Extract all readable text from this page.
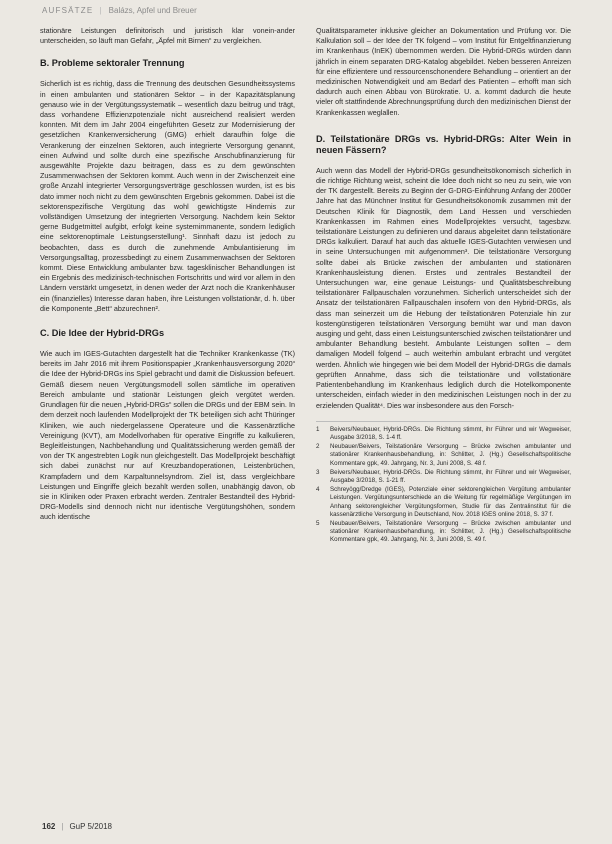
AUFSÄTZE | Balázs, Apfel und Breuer

stationäre Leistungen definitorisch und juristisch klar vonein-ander unterscheiden, so läuft man Gefahr, „Äpfel mit Birnen“ zu vergleichen.

B. Probleme sektoraler Trennung

Sicherlich ist es richtig, dass die Trennung des deutschen Gesundheitssystems in einen ambulanten und stationären Sektor – in der Kapazitätsplanung genauso wie in der Vergütungssystematik – wesentlich dazu beitrug und trägt, dass vorhandene Effizienzpotenziale nicht ausreichend realisiert werden konnten. Mit dem im Jahr 2004 eingeführten Gesetz zur Modernisierung der gesetzlichen Krankenversicherung (GMG) erhielt daraufhin folge die Verankerung der einzelnen Sektoren, auch integrierte Versorgung genannt, einen Aufwind und sollte durch eine spezifische Anschubfinanzierung für ausgewählte Projekte dazu beitragen, dass es zu dem gewünschten Zusammenwachsen der Sektoren kommt. Auch wenn in der Zwischenzeit eine große Anzahl integrierter Versorgungsverträge geschlossen wurden, ist es bis dato immer noch nicht zu dem gewünschten Ergebnis gekommen. Dabei ist die sektorenspezifische Vergütung das wohl gewichtigste Hindernis zur vollständigen Umsetzung der integrierten Versorgung. Nachdem kein Sektor gerne Budgetmittel aufgibt, erfolgt keine systemimmanente, sondern lediglich eine sektorenoptimale Leistungserstellung¹. Sinnhaft dazu ist jedoch zu beobachten, dass es durch die zunehmende Ambulantisierung im Versorgungsalltag, prozessbedingt zu einem Zusammenwachsen der Sektoren kommt. Diese Entwicklung ambulanter bzw. tagesklinischer Behandlungen ist ein Ergebnis des medizinisch-technischen Fortschritts und wird vor allem in den Ländern verstärkt umgesetzt, in denen weder der Arzt noch die Krankenhäuser ein (finanzielles) Interesse daran haben, ihre Leistungen vollstationär, d. h. über die Komponente „Bett“ abzurechnen².

C. Die Idee der Hybrid-DRGs

Wie auch im IGES-Gutachten dargestellt hat die Techniker Krankenkasse (TK) bereits im Jahr 2016 mit ihrem Positionspapier „Krankenhausversorgung 2020“ die Idee der Hybrid-DRGs ins Spiel gebracht und damit die Diskussion befeuert. Gemäß diesem neuen Vergütungsmodell sollen sämtliche im operativen Bereich ambulante und stationär Leistungen gleich vergütet werden. Grundlagen für die neuen „Hybrid-DRGs“ sollen die DRGs und der EBM sein. In dem derzeit noch laufenden Modellprojekt der TK beteiligen sich acht Thüringer Kliniken, wie auch niedergelassene Operateure und die Kassenärztliche Vereinigung (KVT), am Modellvorhaben für operative Eingriffe zu kalkulieren, Begleitleistungen, Nachbehandlung und Qualitätssicherung werden gemäß der von der TK angestrebten Logik nun gleichgestellt. Das Modellprojekt beschäftigt sich dabei zunächst nur auf Kreuzbandoperationen, Leistenbrüchen, Krampfadern und dem Karpaltunnelsyndrom. Ziel ist, dass vergleichbare Leistungen und Eingriffe gleich bezahlt werden sollen, unabhängig davon, ob sie in Kliniken oder Praxen erbracht werden. Zentraler Bestandteil des Hybrid-DRG-Modells sind dennoch nicht nur identische Vergütungshöhen, sondern auch identische

Qualitätsparameter inklusive gleicher an Dokumentation und Prüfung vor. Die Kalkulation soll – der Idee der TK folgend – vom Institut für Entgeltfinanzierung im Krankenhaus (InEK) übernommen werden. Die Hybrid-DRGs würden dann jährlich in einem separaten DRG-Katalog abgebildet. Neben besseren Anreizen für eine effizientere und ressourcenschonendere Behandlung – orientiert an der medizinischen Notwendigkeit und am Bedarf des Patienten – erhofft man sich dadurch auch einen Abbau von Bürokratie. U. a. kommt dadurch die heute vieler oft stattfindende Abrechnungsprüfung durch den medizinischen Dienst der Krankenkassen weglallen.

D. Teilstationäre DRGs vs. Hybrid-DRGs: Alter Wein in neuen Fässern?

Auch wenn das Modell der Hybrid-DRGs gesundheitsökonomisch sicherlich in die richtige Richtung weist, scheint die Idee doch nicht so neu zu sein, wie von der TK dargestellt. Bereits zu Beginn der G-DRG-Einführung Anfang der 2000er Jahre hat das Münchner Institut für Gesundheitsökonomik zusammen mit der Deutschen Klinik für Diagnostik, dem Land Hessen und verschieden Krankenkassen im Rahmen eines Modellprojektes versucht, tagesbzw. teilstationäre Leistungen zu definieren und daraus abgeleitet dann teilstationäre DRGs kalkuliert. Darauf hat auch das aktuelle IGES-Gutachten verwiesen und in seine Untersuchungen mit aufgenommen³. Die teilstationäre Versorgung sollte dabei als Brücke zwischen der ambulanten und stationären Krankenhausleistung dienen. Erstes und zentrales Bestandteil der Untersuchungen war, eine genaue Leistungs- und Qualitätsbeschreibung teilstationärer Fallpauschalen vorzunehmen. Sicherlich unterscheidet sich der Ansatz der teilstationären Fallpauschalen insofern von den Hybrid-DRGs, als dass man seinerzeit um die Hebung der teilstationären Potenziale hin zur kostengünstigeren teilstationären Versorgung bemüht war und man davon ausging und geht, dass einen Leistungsunterschied zwischen teilstationärer und ambulanter Behandlung besteht. Ambulante Leistungen sollten – dem damaligen Modell folgend – auch weiterhin ambulant erbracht und vergütet werden. Ähnlich wie hingegen wie bei dem Modell der Hybrid-DRGs die damals geprüften Annahme, dass sich die teilstationäre und vollstationäre Patientenbehandlung im Krankenhaus lediglich durch die Hotelkomponente unterscheiden, einfach wieder in den medizinischen Leistungen noch in der zu erzielenden Qualität⁴. Dies war insbesondere aus den Forsch-

1	Beivers/Neubauer, Hybrid-DRGs. Die Richtung stimmt, ihr Führer und wir Wegweiser, Ausgabe 3/2018, S. 1-4 ff.
2	Neubauer/Beivers, Teilstationäre Versorgung – Brücke zwischen ambulanter und stationärer Krankenhausbehandlung, in: Schlitter, J. (Hg.) Gesellschaftspolitische Kommentare gpk, 49. Jahrgang, Nr. 3, Juni 2008, S. 48 f.
3	Beivers/Neubauer, Hybrid-DRGs. Die Richtung stimmt, ihr Führer und wir Wegweiser, Ausgabe 3/2018, S. 1-21 ff.
4	Schreyögg/Dredge (IGES), Potenziale einer sektorengleichen Vergütung ambulanter Leistungen. Vergütungsunterschiede an die Weitung für regelmäßige Vergütungen im Anhang sektorengleicher Vergütungsformen, Studie für das Zentralinstitut für die kassenärztliche Versorgung in Deutschland, Nov. 2018 IGES online 2018, S. 37 f.
5	Neubauer/Beivers, Teilstationäre Versorgung – Brücke zwischen ambulanter und stationärer Krankenhausbehandlung, in: Schlitter, J. (Hg.) Gesellschaftspolitische Kommentare gpk, 49. Jahrgang, Nr. 3, Juni 2008, S. 49 f.
162 | GuP 5/2018
